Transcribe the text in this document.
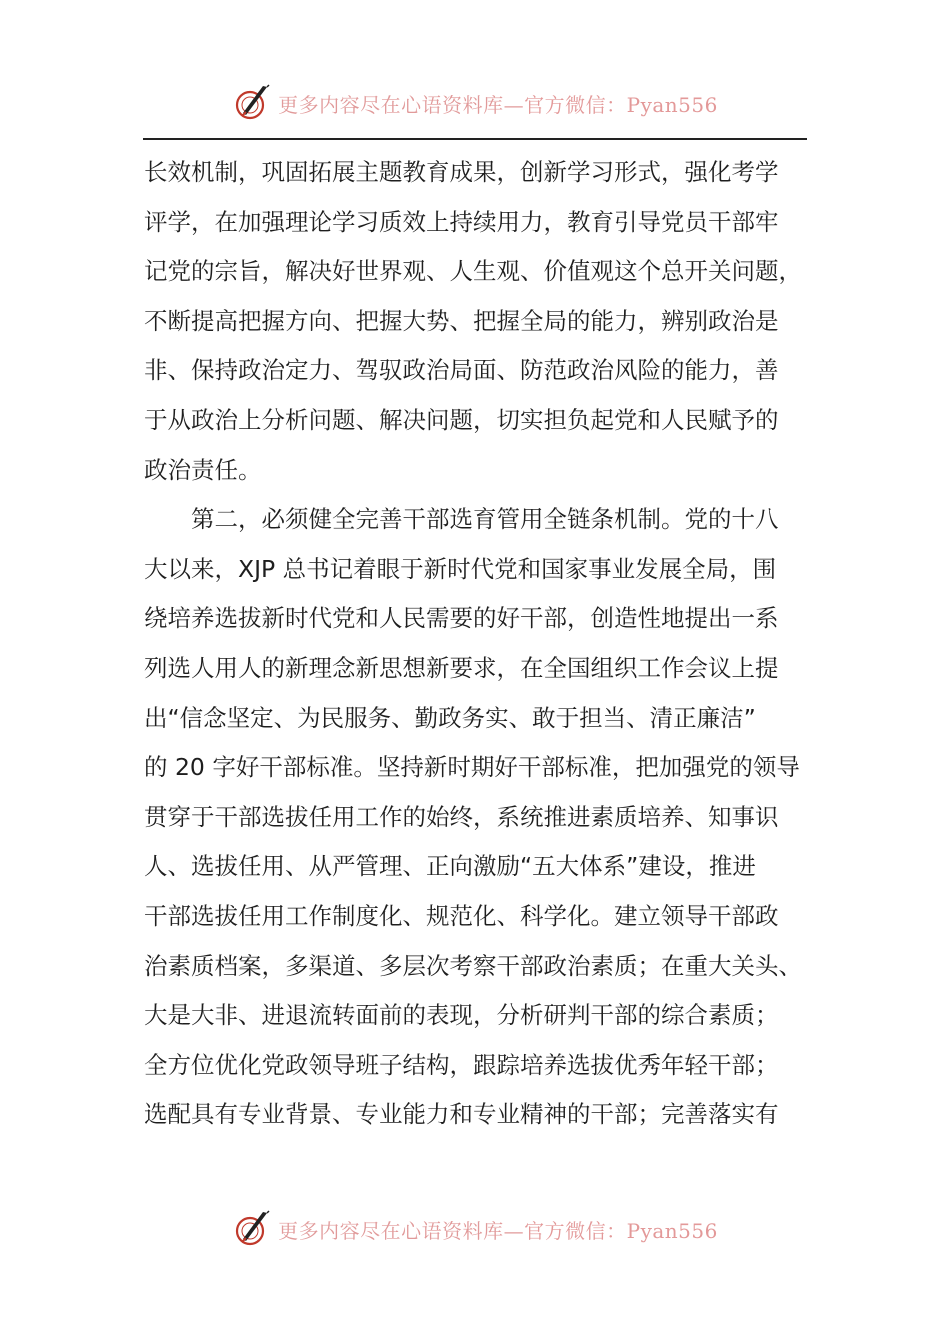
更多内容尽在心语资料库—官方微信：Pyan556
长效机制，巩固拓展主题教育成果，创新学习形式，强化考学
评学，在加强理论学习质效上持续用力，教育引导党员干部牢
记党的宗旨，解决好世界观、人生观、价值观这个总开关问题，
不断提高把握方向、把握大势、把握全局的能力，辨别政治是
非、保持政治定力、驾驭政治局面、防范政治风险的能力，善
于从政治上分析问题、解决问题，切实担负起党和人民赋予的
政治责任。
　　第二，必须健全完善干部选育管用全链条机制。党的十八
大以来，XJP 总书记着眼于新时代党和国家事业发展全局，围
绕培养选拔新时代党和人民需要的好干部，创造性地提出一系
列选人用人的新理念新思想新要求，在全国组织工作会议上提
出“信念坚定、为民服务、勤政务实、敢于担当、清正廉洁”
的 20 字好干部标准。坚持新时期好干部标准，把加强党的领导
贯穿于干部选拔任用工作的始终，系统推进素质培养、知事识
人、选拔任用、从严管理、正向激励“五大体系”建设，推进
干部选拔任用工作制度化、规范化、科学化。建立领导干部政
治素质档案，多渠道、多层次考察干部政治素质；在重大关头、
大是大非、进退流转面前的表现，分析研判干部的综合素质；
全方位优化党政领导班子结构，跟踪培养选拔优秀年轻干部；
选配具有专业背景、专业能力和专业精神的干部；完善落实有
更多内容尽在心语资料库—官方微信：Pyan556
